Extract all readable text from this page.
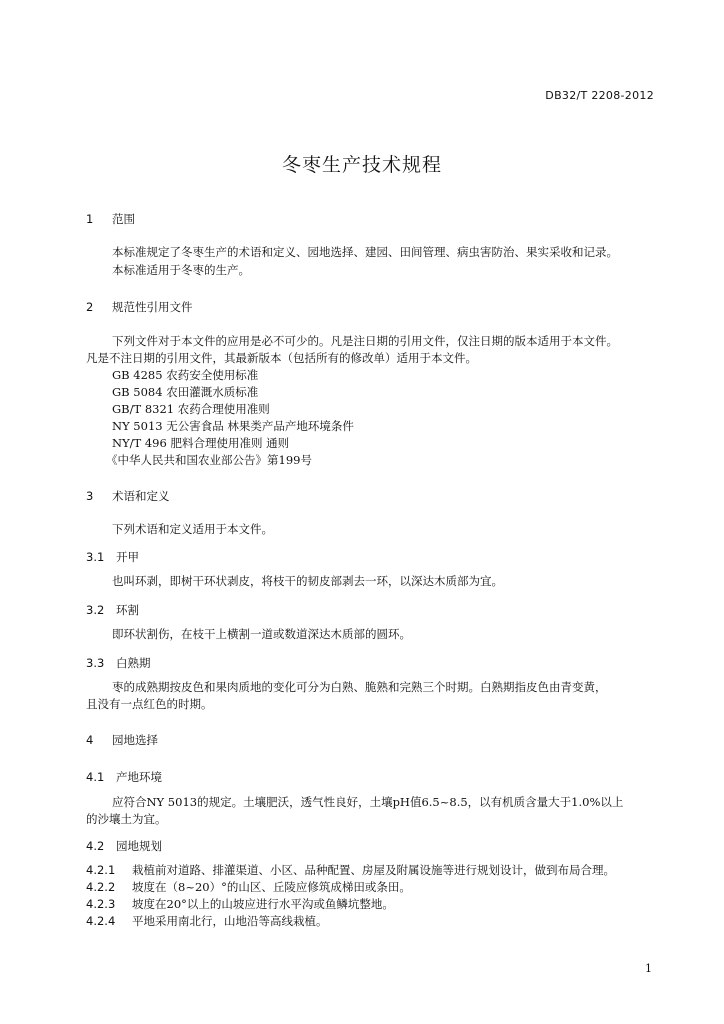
DB32/T 2208-2012
冬枣生产技术规程
1 范围
本标准规定了冬枣生产的术语和定义、园地选择、建园、田间管理、病虫害防治、果实采收和记录。
本标准适用于冬枣的生产。
2 规范性引用文件
下列文件对于本文件的应用是必不可少的。凡是注日期的引用文件，仅注日期的版本适用于本文件。
凡是不注日期的引用文件，其最新版本（包括所有的修改单）适用于本文件。
GB 4285 农药安全使用标准
GB 5084 农田灌溉水质标准
GB/T 8321 农药合理使用准则
NY 5013 无公害食品 林果类产品产地环境条件
NY/T 496 肥料合理使用准则 通则
《中华人民共和国农业部公告》第199号
3 术语和定义
下列术语和定义适用于本文件。
3.1 开甲
也叫环剥，即树干环状剥皮，将枝干的韧皮部剥去一环，以深达木质部为宜。
3.2 环割
即环状割伤，在枝干上横割一道或数道深达木质部的圆环。
3.3 白熟期
枣的成熟期按皮色和果肉质地的变化可分为白熟、脆熟和完熟三个时期。白熟期指皮色由青变黄，
且没有一点红色的时期。
4 园地选择
4.1 产地环境
应符合NY 5013的规定。土壤肥沃，透气性良好，土壤pH值6.5~8.5，以有机质含量大于1.0%以上
的沙壤土为宜。
4.2 园地规划
4.2.1 栽植前对道路、排灌渠道、小区、品种配置、房屋及附属设施等进行规划设计，做到布局合理。
4.2.2 坡度在（8~20）°的山区、丘陵应修筑成梯田或条田。
4.2.3 坡度在20°以上的山坡应进行水平沟或鱼鳞坑整地。
4.2.4 平地采用南北行，山地沿等高线栽植。
1
